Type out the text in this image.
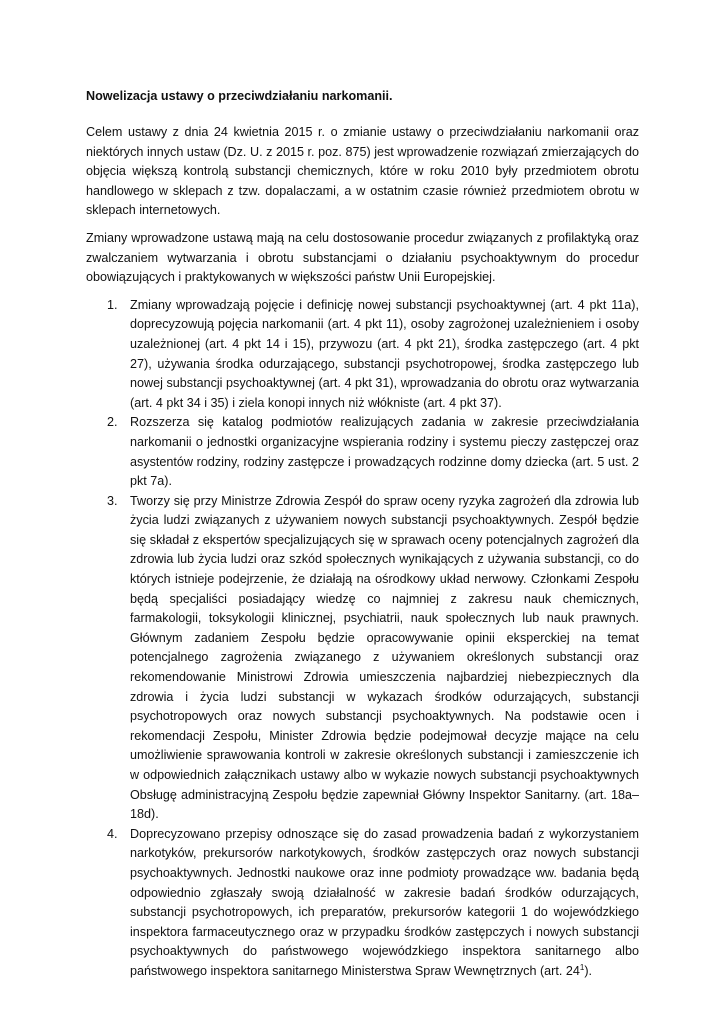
Nowelizacja ustawy o przeciwdziałaniu narkomanii.

Celem ustawy z dnia 24 kwietnia 2015 r. o zmianie ustawy o przeciwdziałaniu narkomanii oraz niektórych innych ustaw (Dz. U. z 2015 r. poz. 875) jest wprowadzenie rozwiązań zmierzających do objęcia większą kontrolą substancji chemicznych, które w roku 2010 były przedmiotem obrotu handlowego w sklepach z tzw. dopalaczami, a w ostatnim czasie również przedmiotem obrotu w sklepach internetowych.

Zmiany wprowadzone ustawą mają na celu dostosowanie procedur związanych z profilaktyką oraz zwalczaniem wytwarzania i obrotu substancjami o działaniu psychoaktywnym do procedur obowiązujących i praktykowanych w większości państw Unii Europejskiej.

1. Zmiany wprowadzają pojęcie i definicję nowej substancji psychoaktywnej (art. 4 pkt 11a), doprecyzowują pojęcia narkomanii (art. 4 pkt 11), osoby zagrożonej uzależnieniem i osoby uzależnionej (art. 4 pkt 14 i 15), przywozu (art. 4 pkt 21), środka zastępczego (art. 4 pkt 27), używania środka odurzającego, substancji psychotropowej, środka zastępczego lub nowej substancji psychoaktywnej (art. 4 pkt 31), wprowadzania do obrotu oraz wytwarzania (art. 4 pkt 34 i 35) i ziela konopi innych niż włókniste (art. 4 pkt 37).
2. Rozszerza się katalog podmiotów realizujących zadania w zakresie przeciwdziałania narkomanii o jednostki organizacyjne wspierania rodziny i systemu pieczy zastępczej oraz asystentów rodziny, rodziny zastępcze i prowadzących rodzinne domy dziecka (art. 5 ust. 2 pkt 7a).
3. Tworzy się przy Ministrze Zdrowia Zespół do spraw oceny ryzyka zagrożeń dla zdrowia lub życia ludzi związanych z używaniem nowych substancji psychoaktywnych. Zespół będzie się składał z ekspertów specjalizujących się w sprawach oceny potencjalnych zagrożeń dla zdrowia lub życia ludzi oraz szkód społecznych wynikających z używania substancji, co do których istnieje podejrzenie, że działają na ośrodkowy układ nerwowy. Członkami Zespołu będą specjaliści posiadający wiedzę co najmniej z zakresu nauk chemicznych, farmakologii, toksykologii klinicznej, psychiatrii, nauk społecznych lub nauk prawnych. Głównym zadaniem Zespołu będzie opracowywanie opinii eksperckiej na temat potencjalnego zagrożenia związanego z używaniem określonych substancji oraz rekomendowanie Ministrowi Zdrowia umieszczenia najbardziej niebezpiecznych dla zdrowia i życia ludzi substancji w wykazach środków odurzających, substancji psychotropowych oraz nowych substancji psychoaktywnych. Na podstawie ocen i rekomendacji Zespołu, Minister Zdrowia będzie podejmował decyzje mające na celu umożliwienie sprawowania kontroli w zakresie określonych substancji i zamieszczenie ich w odpowiednich załącznikach ustawy albo w wykazie nowych substancji psychoaktywnych Obsługę administracyjną Zespołu będzie zapewniał Główny Inspektor Sanitarny. (art. 18a–18d).
4. Doprecyzowano przepisy odnoszące się do zasad prowadzenia badań z wykorzystaniem narkotyków, prekursorów narkotykowych, środków zastępczych oraz nowych substancji psychoaktywnych. Jednostki naukowe oraz inne podmioty prowadzące ww. badania będą odpowiednio zgłaszały swoją działalność w zakresie badań środków odurzających, substancji psychotropowych, ich preparatów, prekursorów kategorii 1 do wojewódzkiego inspektora farmaceutycznego oraz w przypadku środków zastępczych i nowych substancji psychoaktywnych do państwowego wojewódzkiego inspektora sanitarnego albo państwowego inspektora sanitarnego Ministerstwa Spraw Wewnętrznych (art. $24^1$).
